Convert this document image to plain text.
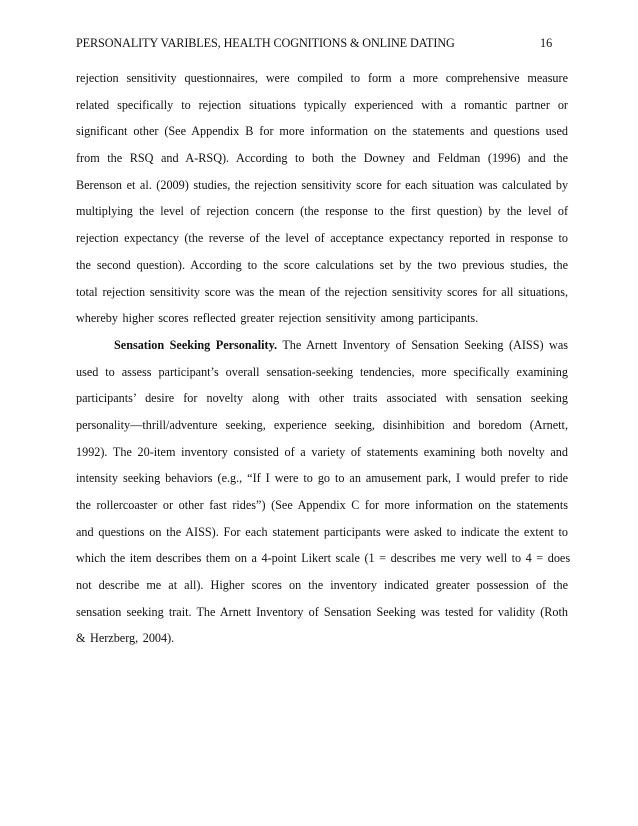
PERSONALITY VARIBLES, HEALTH COGNITIONS & ONLINE DATING	16
rejection sensitivity questionnaires, were compiled to form a more comprehensive measure
related specifically to rejection situations typically experienced with a romantic partner or
significant other (See Appendix B for more information on the statements and questions used
from the RSQ and A-RSQ). According to both the Downey and Feldman (1996) and the
Berenson et al. (2009) studies, the rejection sensitivity score for each situation was calculated by
multiplying the level of rejection concern (the response to the first question) by the level of
rejection expectancy (the reverse of the level of acceptance expectancy reported in response to
the second question). According to the score calculations set by the two previous studies, the
total rejection sensitivity score was the mean of the rejection sensitivity scores for all situations,
whereby higher scores reflected greater rejection sensitivity among participants.
Sensation Seeking Personality. The Arnett Inventory of Sensation Seeking (AISS) was
used to assess participant’s overall sensation-seeking tendencies, more specifically examining
participants’ desire for novelty along with other traits associated with sensation seeking
personality—thrill/adventure seeking, experience seeking, disinhibition and boredom (Arnett,
1992). The 20-item inventory consisted of a variety of statements examining both novelty and
intensity seeking behaviors (e.g., “If I were to go to an amusement park, I would prefer to ride
the rollercoaster or other fast rides”) (See Appendix C for more information on the statements
and questions on the AISS). For each statement participants were asked to indicate the extent to
which the item describes them on a 4-point Likert scale (1 = describes me very well to 4 = does
not describe me at all). Higher scores on the inventory indicated greater possession of the
sensation seeking trait. The Arnett Inventory of Sensation Seeking was tested for validity (Roth
& Herzberg, 2004).
